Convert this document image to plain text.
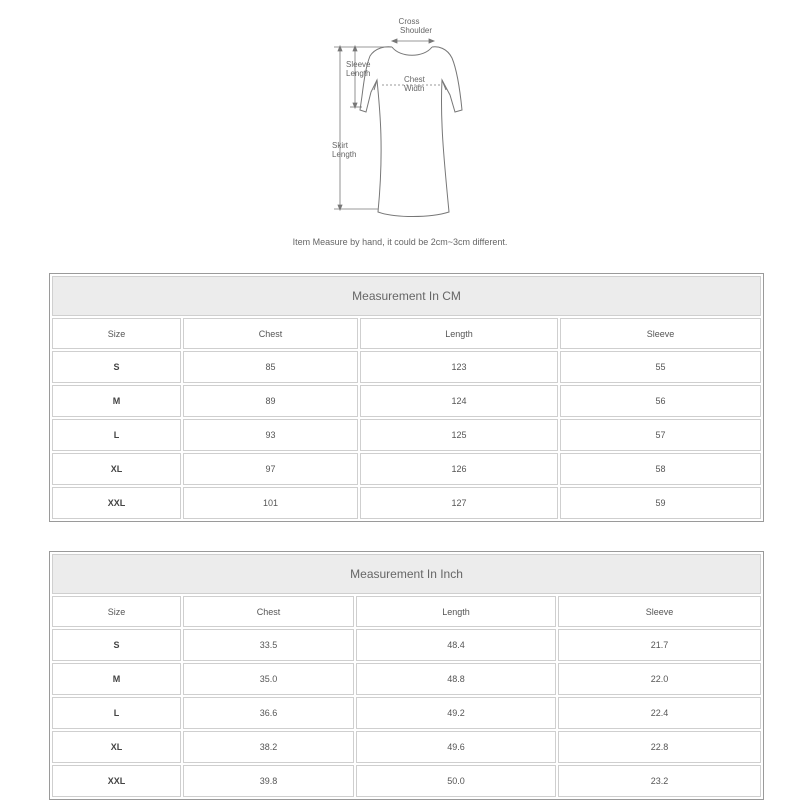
Cross
Shoulder
Sleeve
Length
Chest
Width
Skirt
Length
Item Measure by hand, it could be 2cm~3cm different.
Measurement In CM			
Size	Chest	Length	Sleeve
S	85	123	55
M	89	124	56
L	93	125	57
XL	97	126	58
XXL	101	127	59
Measurement In Inch			
Size	Chest	Length	Sleeve
S	33.5	48.4	21.7
M	35.0	48.8	22.0
L	36.6	49.2	22.4
XL	38.2	49.6	22.8
XXL	39.8	50.0	23.2
